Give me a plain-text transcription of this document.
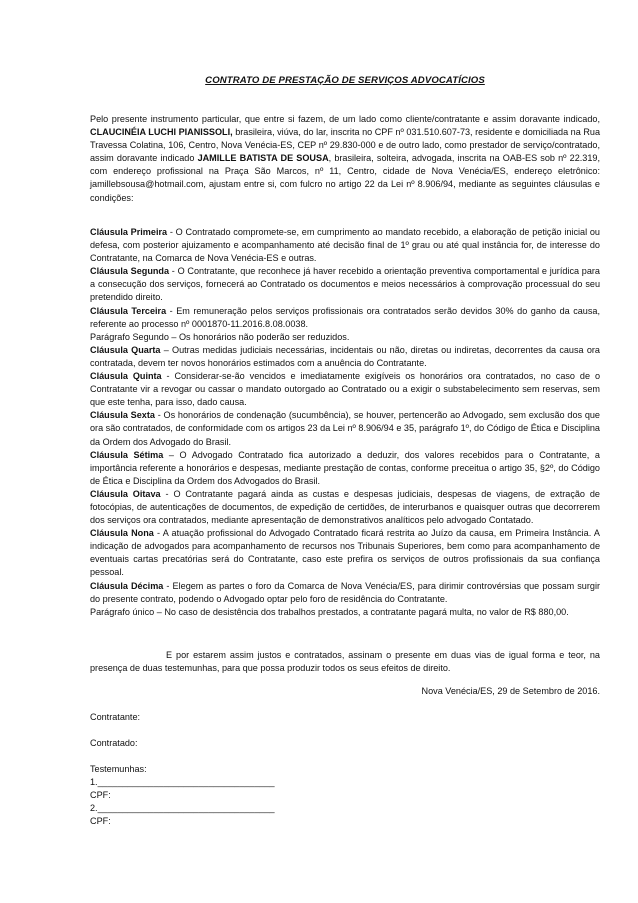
CONTRATO DE PRESTAÇÃO DE SERVIÇOS ADVOCATÍCIOS
Pelo presente instrumento particular, que entre si fazem, de um lado como cliente/contratante e assim doravante indicado, CLAUCINÉIA LUCHI PIANISSOLI, brasileira, viúva, do lar, inscrita no CPF nº 031.510.607-73, residente e domiciliada na Rua Travessa Colatina, 106, Centro, Nova Venécia-ES, CEP nº 29.830-000 e de outro lado, como prestador de serviço/contratado, assim doravante indicado JAMILLE BATISTA DE SOUSA, brasileira, solteira, advogada, inscrita na OAB-ES sob nº 22.319, com endereço profissional na Praça São Marcos, nº 11, Centro, cidade de Nova Venécia/ES, endereço eletrônico: jamillebsousa@hotmail.com, ajustam entre si, com fulcro no artigo 22 da Lei nº 8.906/94, mediante as seguintes cláusulas e condições:

Cláusula Primeira - O Contratado compromete-se, em cumprimento ao mandato recebido, a elaboração de petição inicial ou defesa, com posterior ajuizamento e acompanhamento até decisão final de 1º grau ou até qual instância for, de interesse do Contratante, na Comarca de Nova Venécia-ES e outras.

Cláusula Segunda - O Contratante, que reconhece já haver recebido a orientação preventiva comportamental e jurídica para a consecução dos serviços, fornecerá ao Contratado os documentos e meios necessários à comprovação processual do seu pretendido direito.

Cláusula Terceira - Em remuneração pelos serviços profissionais ora contratados serão devidos 30% do ganho da causa, referente ao processo nº 0001870-11.2016.8.08.0038.

Parágrafo Segundo – Os honorários não poderão ser reduzidos.

Cláusula Quarta – Outras medidas judiciais necessárias, incidentais ou não, diretas ou indiretas, decorrentes da causa ora contratada, devem ter novos honorários estimados com a anuência do Contratante.

Cláusula Quinta - Considerar-se-ão vencidos e imediatamente exigíveis os honorários ora contratados, no caso de o Contratante vir a revogar ou cassar o mandato outorgado ao Contratado ou a exigir o substabelecimento sem reservas, sem que este tenha, para isso, dado causa.

Cláusula Sexta - Os honorários de condenação (sucumbência), se houver, pertencerão ao Advogado, sem exclusão dos que ora são contratados, de conformidade com os artigos 23 da Lei nº 8.906/94 e 35, parágrafo 1º, do Código de Ética e Disciplina da Ordem dos Advogado do Brasil.

Cláusula Sétima – O Advogado Contratado fica autorizado a deduzir, dos valores recebidos para o Contratante, a importância referente a honorários e despesas, mediante prestação de contas, conforme preceitua o artigo 35, §2º, do Código de Ética e Disciplina da Ordem dos Advogados do Brasil.

Cláusula Oitava - O Contratante pagará ainda as custas e despesas judiciais, despesas de viagens, de extração de fotocópias, de autenticações de documentos, de expedição de certidões, de interurbanos e quaisquer outras que decorrerem dos serviços ora contratados, mediante apresentação de demonstrativos analíticos pelo advogado Contatado.

Cláusula Nona - A atuação profissional do Advogado Contratado ficará restrita ao Juízo da causa, em Primeira Instância. A indicação de advogados para acompanhamento de recursos nos Tribunais Superiores, bem como para acompanhamento de eventuais cartas precatórias será do Contratante, caso este prefira os serviços de outros profissionais da sua confiança pessoal.

Cláusula Décima - Elegem as partes o foro da Comarca de Nova Venécia/ES, para dirimir controvérsias que possam surgir do presente contrato, podendo o Advogado optar pelo foro de residência do Contratante.

Parágrafo único – No caso de desistência dos trabalhos prestados, a contratante pagará multa, no valor de R$ 880,00.

E por estarem assim justos e contratados, assinam o presente em duas vias de igual forma e teor, na presença de duas testemunhas, para que possa produzir todos os seus efeitos de direito.
Nova Venécia/ES, 29 de Setembro de 2016.
Contratante:
Contratado:
Testemunhas:
1.___________________________________
CPF:
2.___________________________________
CPF:
